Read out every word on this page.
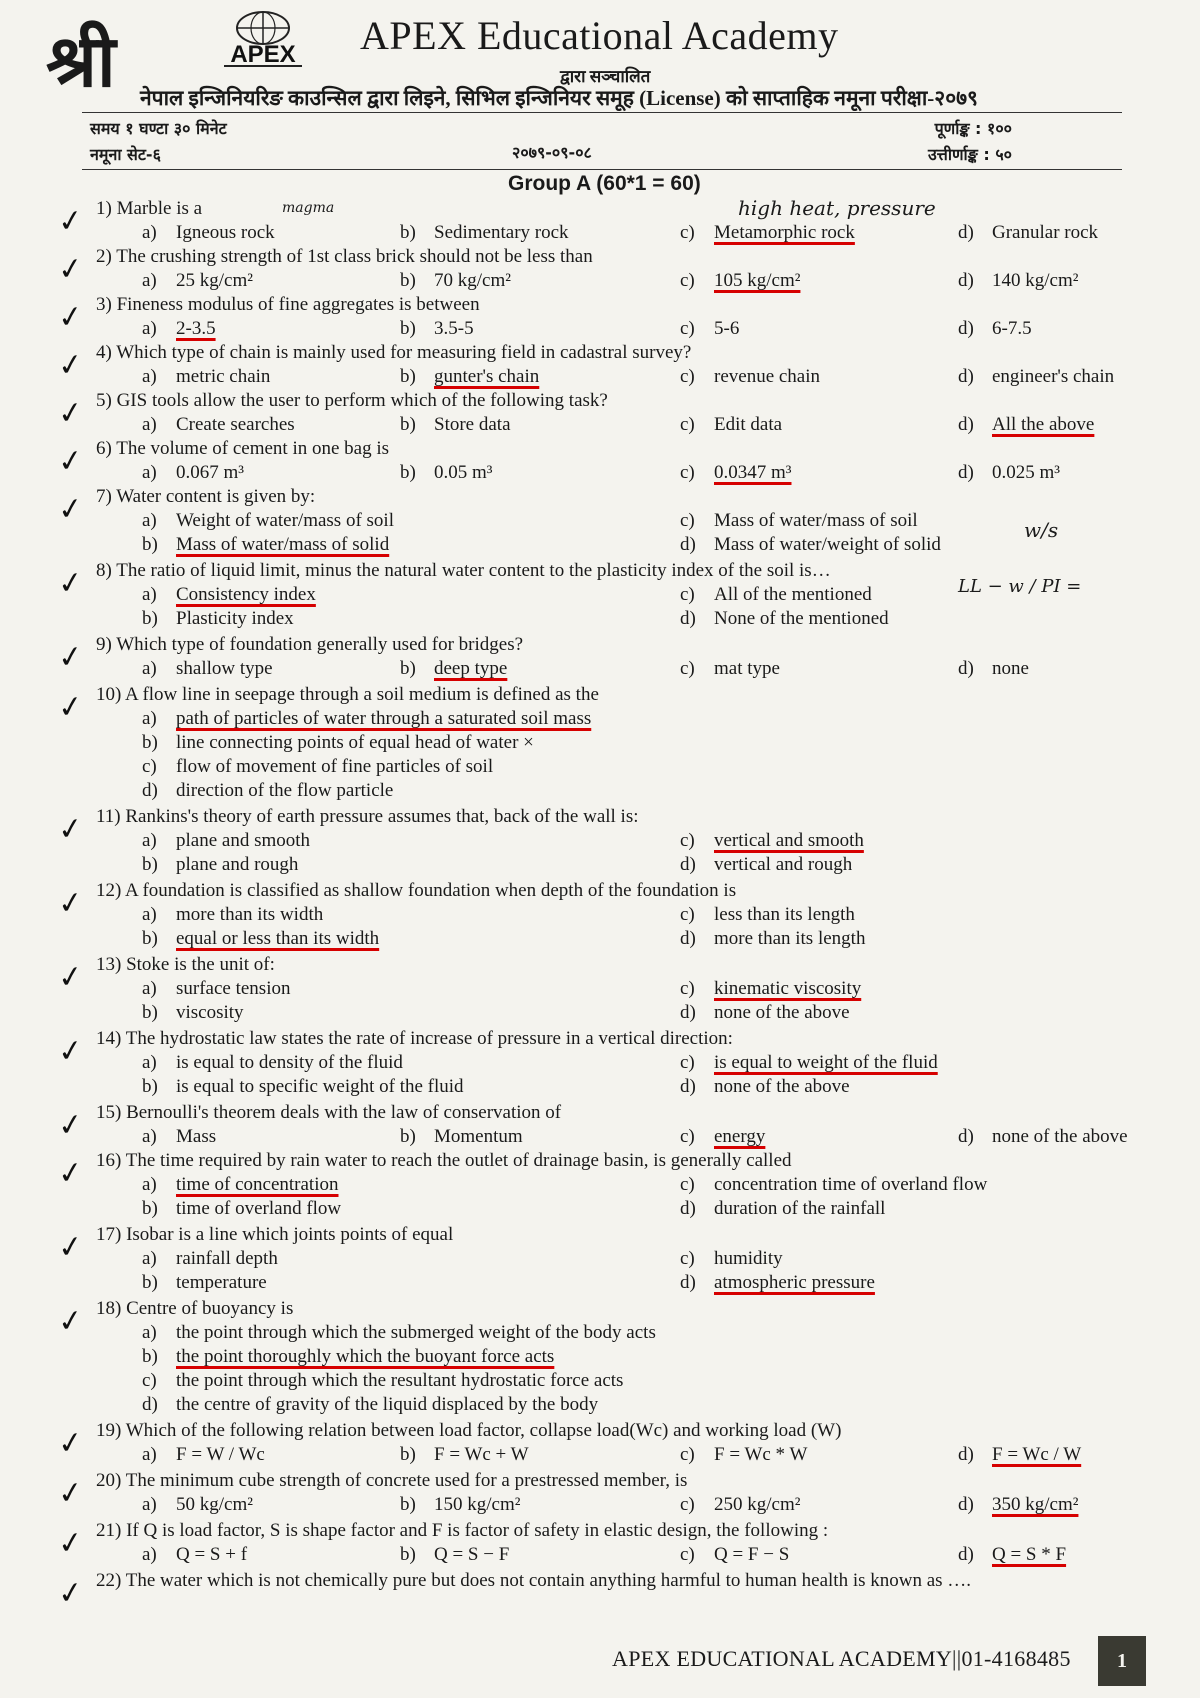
श्री	APEX APEX Educational Academy
द्वारा सञ्चालित
नेपाल इन्जिनियरिङ काउन्सिल द्वारा लिइने, सिभिल इन्जिनियर समूह (License) को साप्ताहिक नमूना परीक्षा-२०७९
समय १ घण्टा ३० मिनेट
नमूना सेट-६	२०७९-०९-०८
पूर्णाङ्क : १००
उत्तीर्णाङ्क : ५०
Group A (60*1 = 60)
1) Marble is a
a) Igneous rock	b) Sedimentary rock	c) Metamorphic rock	d) Granular rock
✓
2) The crushing strength of 1st class brick should not be less than
a) 25 kg/cm²	b) 70 kg/cm²	c) 105 kg/cm²	d) 140 kg/cm²
✓
3) Fineness modulus of fine aggregates is between
a) 2-3.5	b) 3.5-5	c) 5-6	d) 6-7.5
✓
4) Which type of chain is mainly used for measuring field in cadastral survey?
a) metric chain	b) gunter's chain	c) revenue chain	d) engineer's chain
✓
5) GIS tools allow the user to perform which of the following task?
a) Create searches	b) Store data	c) Edit data	d) All the above
✓
6) The volume of cement in one bag is
a) 0.067 m³	b) 0.05 m³	c) 0.0347 m³	d) 0.025 m³
✓
7) Water content is given by:
a) Weight of water/mass of soil
b) Mass of water/mass of solid
c) Mass of water/mass of soil
d) Mass of water/weight of solid
✓
8) The ratio of liquid limit, minus the natural water content to the plasticity index of the soil is…
a) Consistency index
b) Plasticity index
c) All of the mentioned
d) None of the mentioned
✓
9) Which type of foundation generally used for bridges?
a) shallow type	b) deep type	c) mat type	d) none
✓
10) A flow line in seepage through a soil medium is defined as the
a) path of particles of water through a saturated soil mass
b) line connecting points of equal head of water ×
c) flow of movement of fine particles of soil
d) direction of the flow particle
✓
11) Rankins's theory of earth pressure assumes that, back of the wall is:
a) plane and smooth
b) plane and rough
c) vertical and smooth
d) vertical and rough
✓
12) A foundation is classified as shallow foundation when depth of the foundation is
a) more than its width
b) equal or less than its width
c) less than its length
d) more than its length
✓
13) Stoke is the unit of:
a) surface tension
b) viscosity
c) kinematic viscosity
d) none of the above
✓
14) The hydrostatic law states the rate of increase of pressure in a vertical direction:
a) is equal to density of the fluid
b) is equal to specific weight of the fluid
c) is equal to weight of the fluid
d) none of the above
✓
15) Bernoulli's theorem deals with the law of conservation of
a) Mass	b) Momentum	c) energy	d) none of the above
✓
16) The time required by rain water to reach the outlet of drainage basin, is generally called
a) time of concentration
b) time of overland flow
c) concentration time of overland flow
d) duration of the rainfall
✓
17) Isobar is a line which joints points of equal
a) rainfall depth
b) temperature
c) humidity
d) atmospheric pressure
✓
18) Centre of buoyancy is
a) the point through which the submerged weight of the body acts
b) the point thoroughly which the buoyant force acts
c) the point through which the resultant hydrostatic force acts
d) the centre of gravity of the liquid displaced by the body
✓
19) Which of the following relation between load factor, collapse load(Wc) and working load (W)
a) F = W / Wc	b) F = Wc + W	c) F = Wc * W	d) F = Wc / W
✓
20) The minimum cube strength of concrete used for a prestressed member, is
a) 50 kg/cm²	b) 150 kg/cm²	c) 250 kg/cm²	d) 350 kg/cm²
✓
21) If Q is load factor, S is shape factor and F is factor of safety in elastic design, the following :
a) Q = S + f	b) Q = S − F	c) Q = F − S	d) Q = S * F
✓
22) The water which is not chemically pure but does not contain anything harmful to human health is known as ….
✓
magma	high heat, pressure
w/s
LL − w / PI =
APEX EDUCATIONAL ACADEMY||01-4168485	1
